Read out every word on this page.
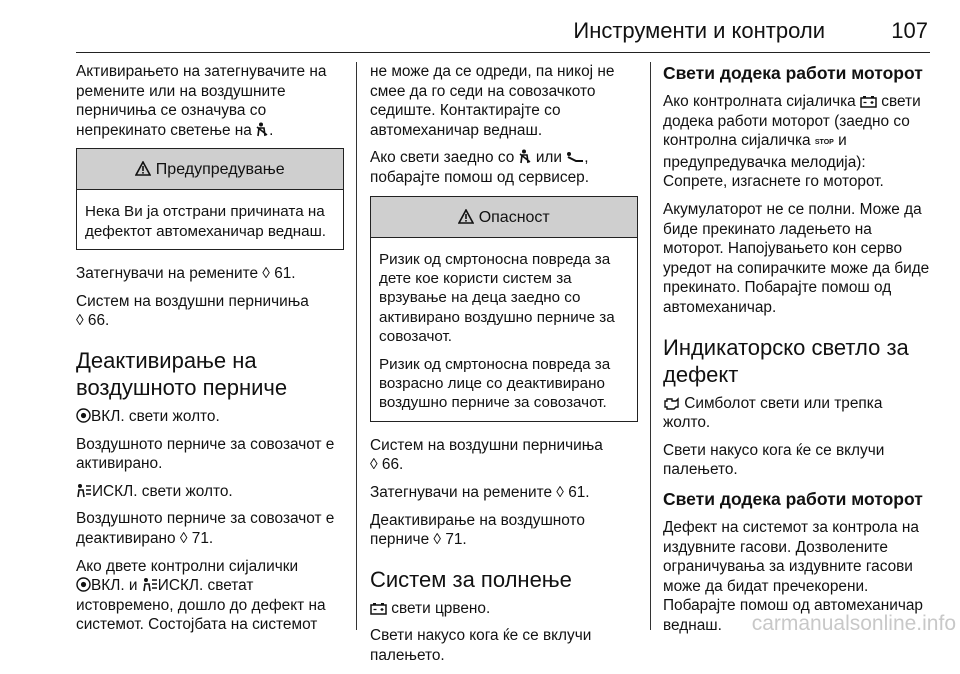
Инструменти и контроли	107

Активирањето на затегнувачите на ремените или на воздушните перничиња се означува со непрекинато светење на .

Предупредување

Нека Ви ја отстрани причината на дефектот автомеханичар веднаш.

Затегнувачи на ремените ◊ 61.

Систем на воздушни перничиња
◊ 66.

Деактивирање на воздушното перниче

ВКЛ. свети жолто.

Воздушното перниче за совозачот е активирано.

ИСКЛ. свети жолто.

Воздушното перниче за совозачот е деактивирано ◊ 71.

Ако двете контролни сијалички
ВКЛ. и ИСКЛ. светат истовремено, дошло до дефект на системот. Состојбата на системот

не може да се одреди, па никој не смее да го седи на совозачкото седиште. Контактирајте со автомеханичар веднаш.

Ако свети заедно со или , побарајте помош од сервисер.

Опасност

Ризик од смртоносна повреда за дете кое користи систем за врзување на деца заедно со активирано воздушно перниче за совозачот.

Ризик од смртоносна повреда за возрасно лице со деактивирано воздушно перниче за совозачот.

Систем на воздушни перничиња
◊ 66.

Затегнувачи на ремените ◊ 61.

Деактивирање на воздушното перниче ◊ 71.

Систем за полнење

свети црвено.

Свети накусо кога ќе се вклучи палењето.

Свети додека работи моторот

Ако контролната сијаличка свети додека работи моторот (заедно со контролна сијаличка STOP и предупредувачка мелодија): Сопрете, изгаснете го моторот.

Акумулаторот не се полни. Може да биде прекинато ладењето на моторот. Напојувањето кон серво уредот на сопирачките може да биде прекинато. Побарајте помош од автомеханичар.

Индикаторско светло за дефект

Симболот свети или трепка жолто.

Свети накусо кога ќе се вклучи палењето.

Свети додека работи моторот

Дефект на системот за контрола на издувните гасови. Дозволените ограничувања за издувните гасови може да бидат пречекорени. Побарајте помош од автомеханичар веднаш.	carmanualsonline.info
